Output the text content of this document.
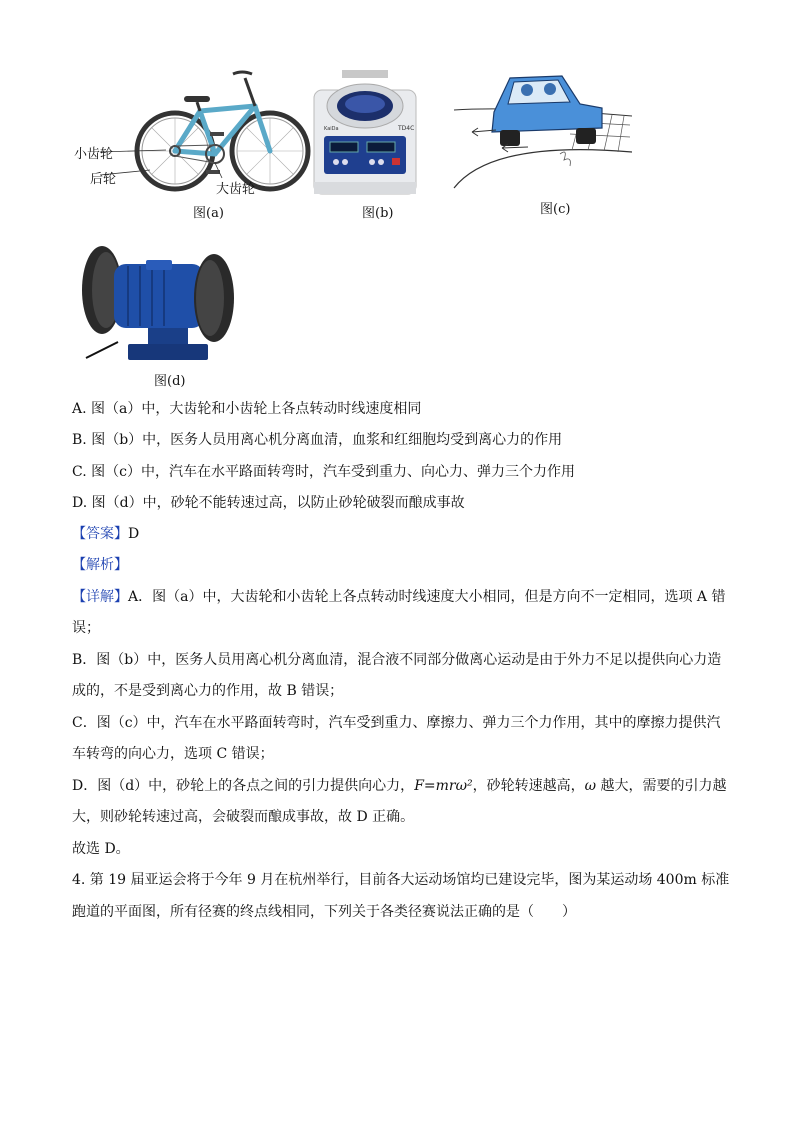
小齿轮
后轮
大齿轮
图(a)
KaiDa	TD4C
图(b)	图(c)
图(d)
A. 图（a）中，大齿轮和小齿轮上各点转动时线速度相同
B. 图（b）中，医务人员用离心机分离血清，血浆和红细胞均受到离心力的作用
C. 图（c）中，汽车在水平路面转弯时，汽车受到重力、向心力、弹力三个力作用
D. 图（d）中，砂轮不能转速过高，以防止砂轮破裂而酿成事故
【答案】D
【解析】
【详解】A．图（a）中，大齿轮和小齿轮上各点转动时线速度大小相同，但是方向不一定相同，选项 A 错
误；
B．图（b）中，医务人员用离心机分离血清，混合液不同部分做离心运动是由于外力不足以提供向心力造
成的，不是受到离心力的作用，故 B 错误；
C．图（c）中，汽车在水平路面转弯时，汽车受到重力、摩擦力、弹力三个力作用，其中的摩擦力提供汽
车转弯的向心力，选项 C 错误；
D．图（d）中，砂轮上的各点之间的引力提供向心力，F=mrω²，砂轮转速越高，ω 越大，需要的引力越
大，则砂轮转速过高，会破裂而酿成事故，故 D 正确。
故选 D。
4. 第 19 届亚运会将于今年 9 月在杭州举行，目前各大运动场馆均已建设完毕，图为某运动场 400m 标准
跑道的平面图，所有径赛的终点线相同，下列关于各类径赛说法正确的是（　　）
